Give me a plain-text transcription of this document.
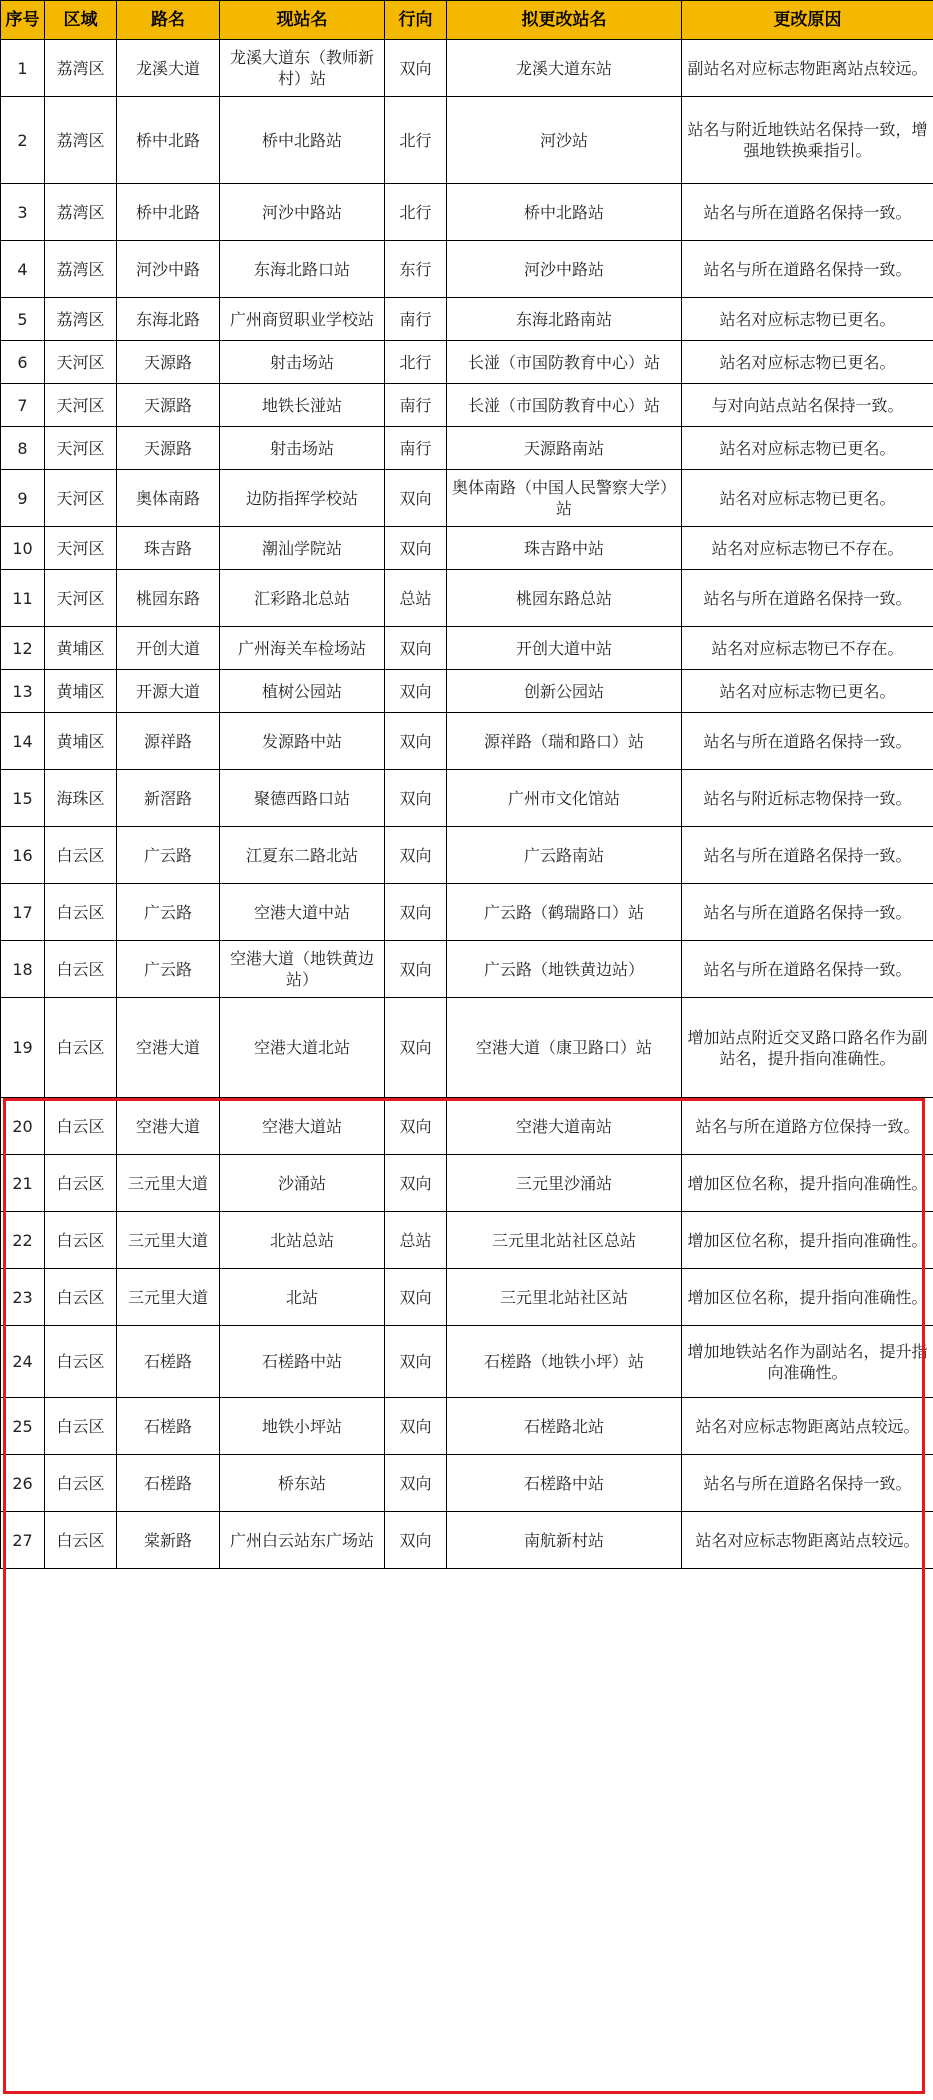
序号	区域	路名	现站名	行向	拟更改站名	更改原因
1	荔湾区	龙溪大道	龙溪大道东（教师新村）站	双向	龙溪大道东站	副站名对应标志物距离站点较远。
2	荔湾区	桥中北路	桥中北路站	北行	河沙站	站名与附近地铁站名保持一致，增强地铁换乘指引。
3	荔湾区	桥中北路	河沙中路站	北行	桥中北路站	站名与所在道路名保持一致。
4	荔湾区	河沙中路	东海北路口站	东行	河沙中路站	站名与所在道路名保持一致。
5	荔湾区	东海北路	广州商贸职业学校站	南行	东海北路南站	站名对应标志物已更名。
6	天河区	天源路	射击场站	北行	长湴（市国防教育中心）站	站名对应标志物已更名。
7	天河区	天源路	地铁长湴站	南行	长湴（市国防教育中心）站	与对向站点站名保持一致。
8	天河区	天源路	射击场站	南行	天源路南站	站名对应标志物已更名。
9	天河区	奥体南路	边防指挥学校站	双向	奥体南路（中国人民警察大学）站	站名对应标志物已更名。
10	天河区	珠吉路	潮汕学院站	双向	珠吉路中站	站名对应标志物已不存在。
11	天河区	桃园东路	汇彩路北总站	总站	桃园东路总站	站名与所在道路名保持一致。
12	黄埔区	开创大道	广州海关车检场站	双向	开创大道中站	站名对应标志物已不存在。
13	黄埔区	开源大道	植树公园站	双向	创新公园站	站名对应标志物已更名。
14	黄埔区	源祥路	发源路中站	双向	源祥路（瑞和路口）站	站名与所在道路名保持一致。
15	海珠区	新滘路	聚德西路口站	双向	广州市文化馆站	站名与附近标志物保持一致。
16	白云区	广云路	江夏东二路北站	双向	广云路南站	站名与所在道路名保持一致。
17	白云区	广云路	空港大道中站	双向	广云路（鹤瑞路口）站	站名与所在道路名保持一致。
18	白云区	广云路	空港大道（地铁黄边站）	双向	广云路（地铁黄边站）	站名与所在道路名保持一致。
19	白云区	空港大道	空港大道北站	双向	空港大道（康卫路口）站	增加站点附近交叉路口路名作为副站名，提升指向准确性。
20	白云区	空港大道	空港大道站	双向	空港大道南站	站名与所在道路方位保持一致。
21	白云区	三元里大道	沙涌站	双向	三元里沙涌站	增加区位名称，提升指向准确性。
22	白云区	三元里大道	北站总站	总站	三元里北站社区总站	增加区位名称，提升指向准确性。
23	白云区	三元里大道	北站	双向	三元里北站社区站	增加区位名称，提升指向准确性。
24	白云区	石槎路	石槎路中站	双向	石槎路（地铁小坪）站	增加地铁站名作为副站名，提升指向准确性。
25	白云区	石槎路	地铁小坪站	双向	石槎路北站	站名对应标志物距离站点较远。
26	白云区	石槎路	桥东站	双向	石槎路中站	站名与所在道路名保持一致。
27	白云区	棠新路	广州白云站东广场站	双向	南航新村站	站名对应标志物距离站点较远。
